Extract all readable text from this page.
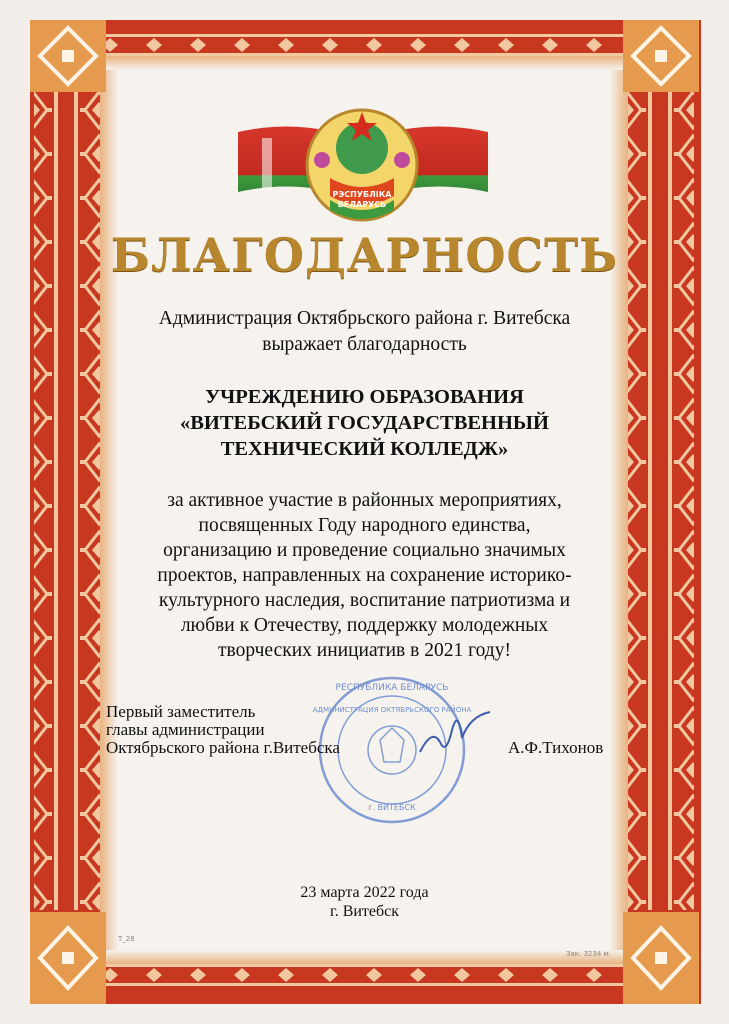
РЭСПУБЛІКА
БЕЛАРУСЬ
РЕСПУБЛИКА БЕЛАРУСЬ
АДМИНИСТРАЦИЯ ОКТЯБРЬСКОГО РАЙОНА
г. ВИТЕБСК
БЛАГОДАРНОСТЬ

Администрация Октябрьского района г. Витебска

выражает благодарность

УЧРЕЖДЕНИЮ ОБРАЗОВАНИЯ

«ВИТЕБСКИЙ ГОСУДАРСТВЕННЫЙ

ТЕХНИЧЕСКИЙ КОЛЛЕДЖ»

за активное участие в районных мероприятиях,

посвященных Году народного единства,

организацию и проведение социально значимых

проектов, направленных на сохранение историко-

культурного наследия, воспитание патриотизма и

любви к Отечеству, поддержку молодежных

творческих инициатив в 2021 году!

Первый заместитель

главы администрации

Октябрьского района г.Витебска	А.Ф.Тихонов

23 марта 2022 года

г. Витебск

T_28

Зак. 3234 м.
